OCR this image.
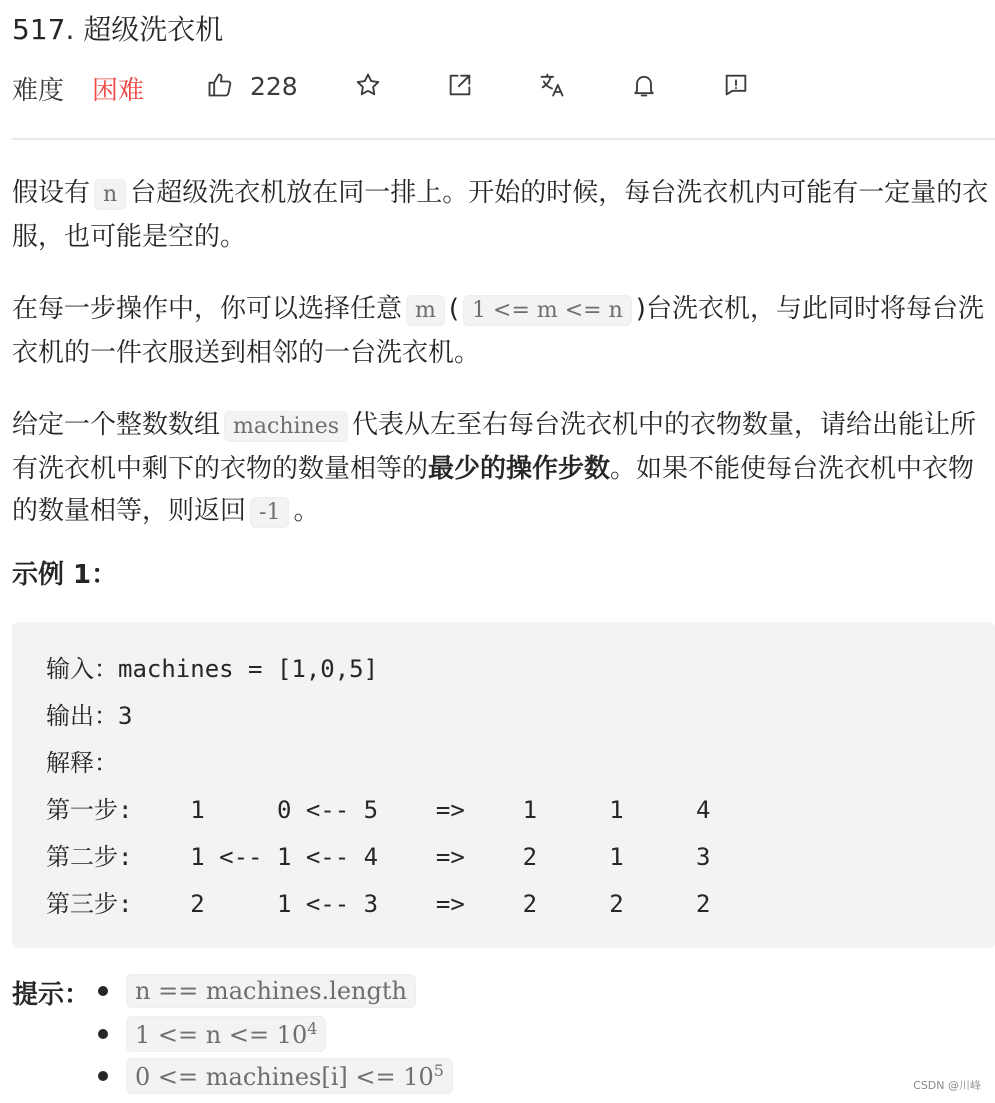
517. 超级洗衣机
难度 困难	228
假设有 n 台超级洗衣机放在同一排上。开始的时候，每台洗衣机内可能有一定量的衣服，也可能是空的。
在每一步操作中，你可以选择任意 m ( 1 <= m <= n )台洗衣机，与此同时将每台洗衣机的一件衣服送到相邻的一台洗衣机。
给定一个整数数组 machines 代表从左至右每台洗衣机中的衣物数量，请给出能让所有洗衣机中剩下的衣物的数量相等的最少的操作步数。如果不能使每台洗衣机中衣物的数量相等，则返回 -1 。
示例 1：
输入：machines = [1,0,5]
输出：3
解释：
第一步:    1     0 <-- 5    =>    1     1     4
第二步:    1 <-- 1 <-- 4    =>    2     1     3
第三步:    2     1 <-- 3    =>    2     2     2
提示：	n == machines.length
$1 <= n <= 10^4$
0 <= machines[i] <= $10^5$
CSDN @川峰
